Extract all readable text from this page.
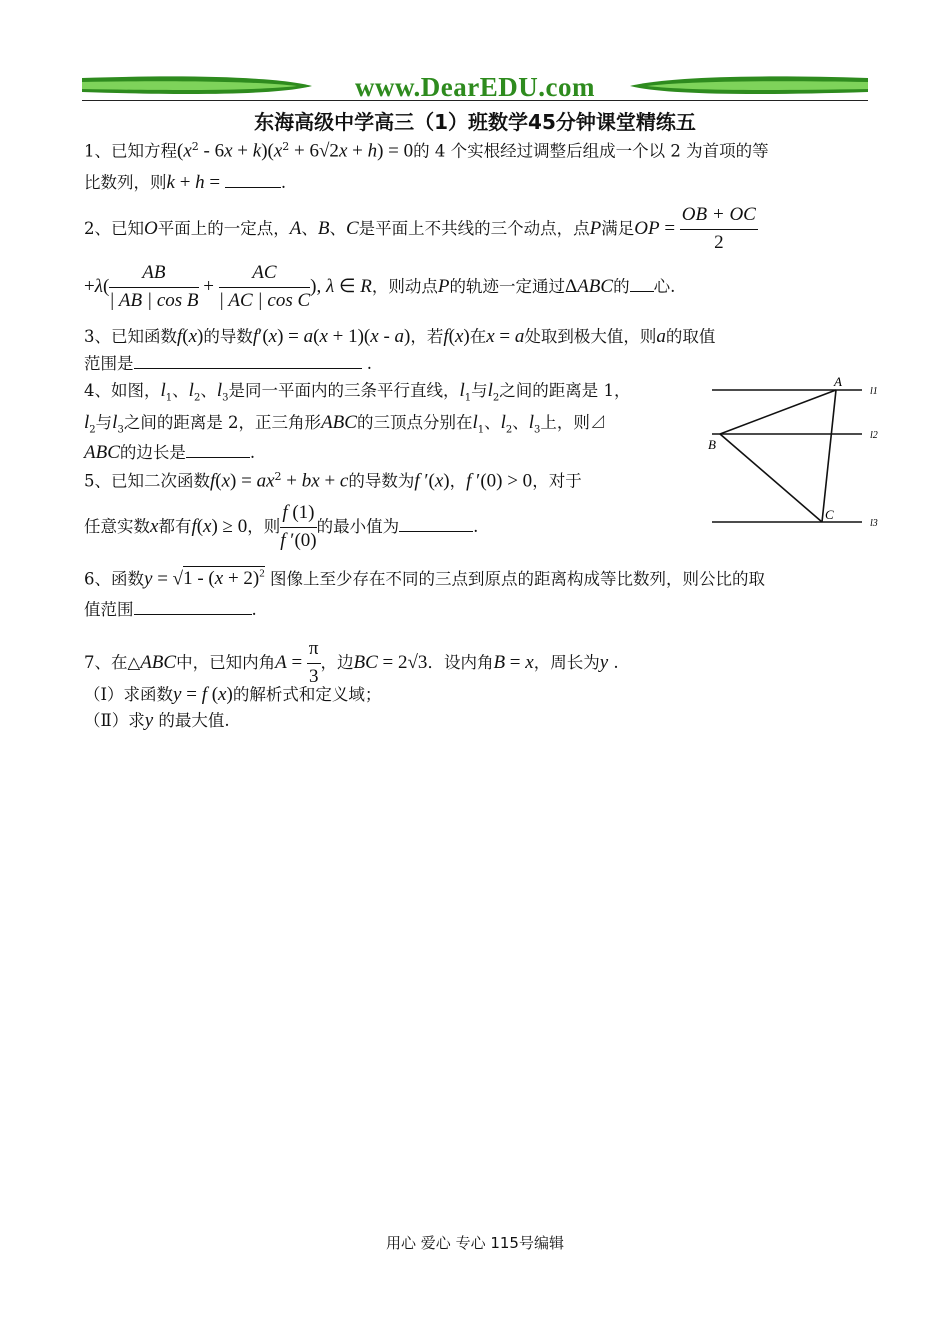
www.DearEDU.com
东海高级中学高三（1）班数学45分钟课堂精练五
1、已知方程$(x^2 - 6x + k)(x^2 + 6√2x + h) = 0$的 4 个实根经过调整后组成一个以 2 为首项的等
比数列，则k + h =	.
2、已知O平面上的一定点，A、B、C是平面上不共线的三个动点，点P满足OP = $\frac{OB + OC}{2}$
$+\lambda( \frac{AB}{\text{| AB | cos B}} + \frac{AC}{\text{| AC | cos C}}$ ), λ ∈ R，则动点P的轨迹一定通过ΔABC的 心.
3、已知函数f(x)的导数f′(x) = a(x + 1)(x - a)，若f(x)在x = a处取到极大值，则a的取值
范围是	.
4、如图，$l_1$、$l_2$、$l_3$是同一平面内的三条平行直线，$l_1$与$l_2$之间的距离是 1，
$l_2$与$l_3$之间的距离是 2，正三角形ABC的三顶点分别在$l_1$、$l_2$、$l_3$上，则⊿
ABC的边长是	.
A
B
C
l1
l2
l3
5、已知二次函数$f(x) = ax^2$ + bx + c的导数为f ′(x)，f ′(0) > 0，对于
任意实数x都有f(x) ≥ 0，则 $\frac{f (1)}{f '(0)}$ 的最小值为	.
6、函数$y = √1 - (x + 2)^2$ 图像上至少存在不同的三点到原点的距离构成等比数列，则公比的取
值范围	.
7、在△ABC中，已知内角$A = \frac{\pi}{3}$ ，边BC = 2√3．设内角B = x，周长为y .
（Ⅰ）求函数y = f (x)的解析式和定义域；
（Ⅱ）求y 的最大值.
用心 爱心 专心 115号编辑
